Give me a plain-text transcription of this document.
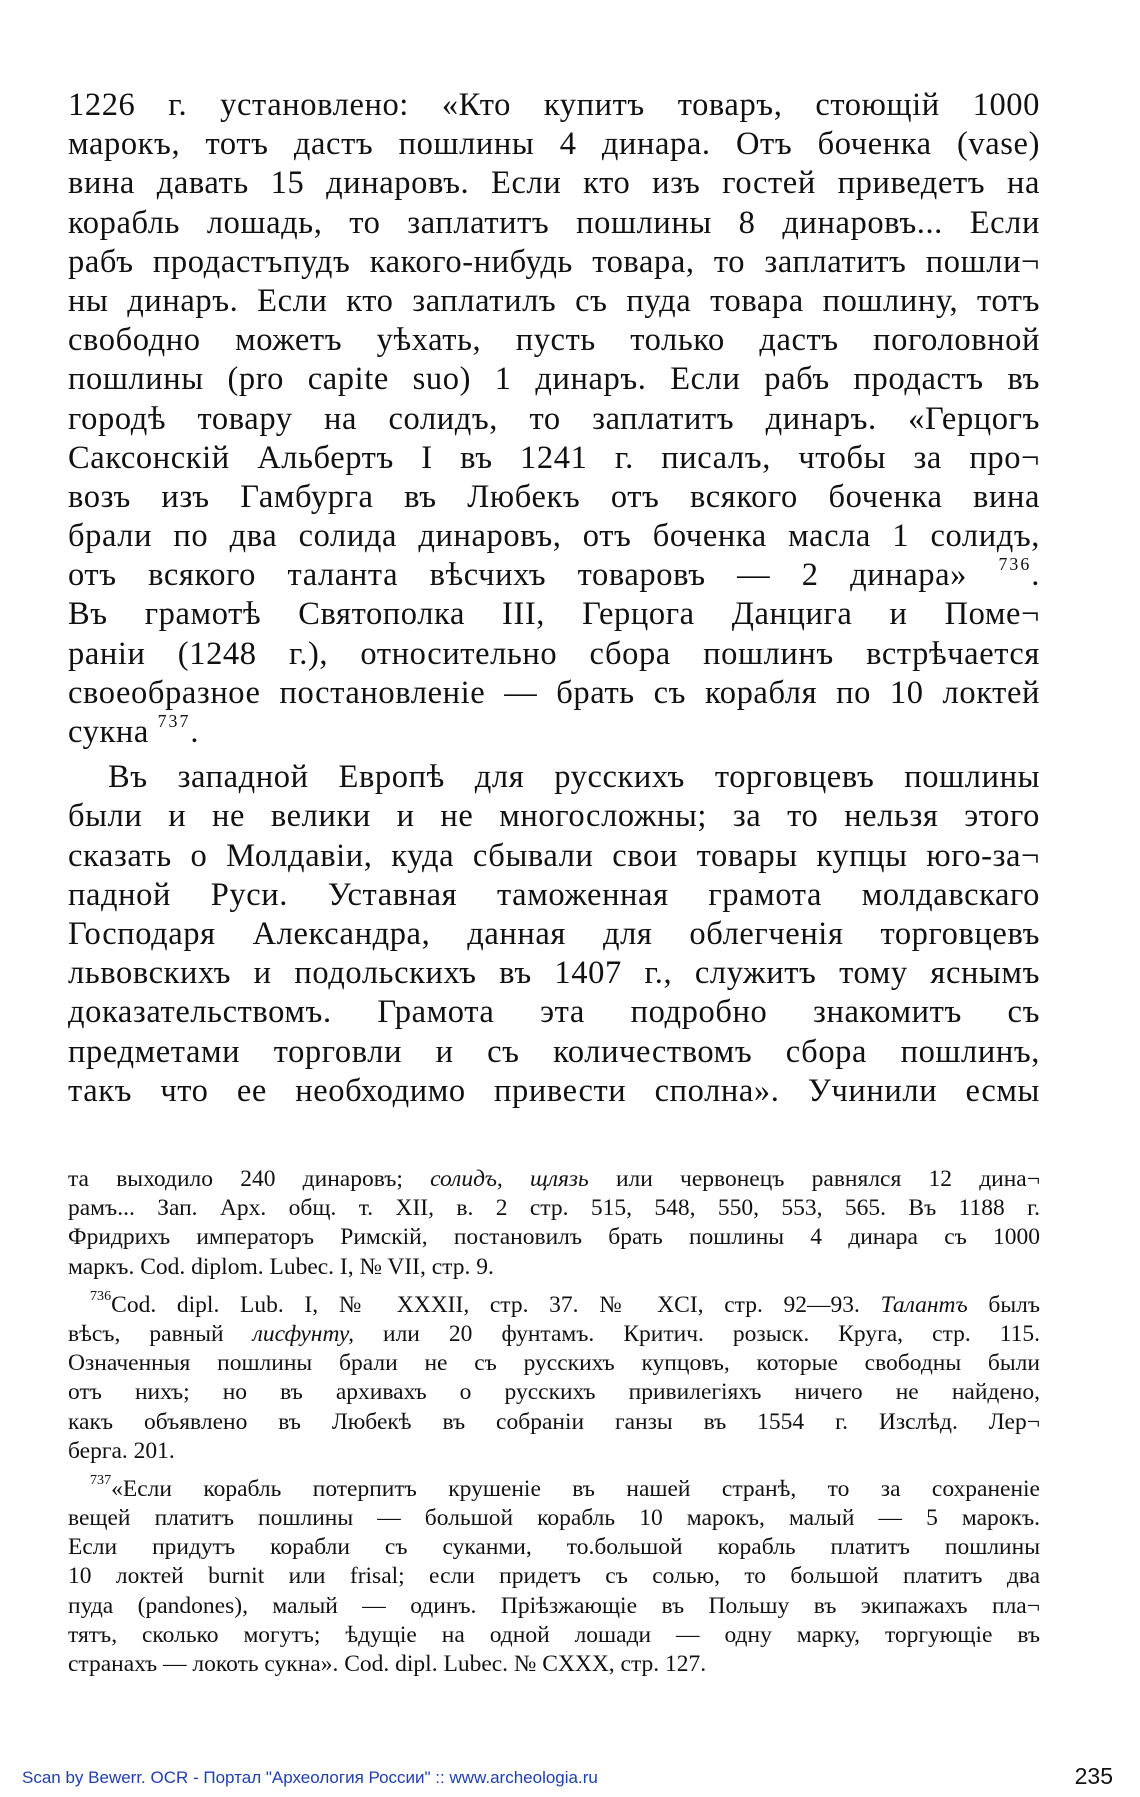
1226 г. установлено: «Кто купитъ товаръ, стоющій 1000
марокъ, тотъ дастъ пошлины 4 динара. Отъ боченка (vase)
вина давать 15 динаровъ. Если кто изъ гостей приведетъ на
корабль лошадь, то заплатитъ пошлины 8 динаровъ... Если
рабъ продастъпудъ какого-нибудь товара, то заплатитъ пошли¬
ны динаръ. Если кто заплатилъ съ пуда товара пошлину, тотъ
свободно можетъ уѣхать, пусть только дастъ поголовной
пошлины (pro capite suo) 1 динаръ. Если рабъ продастъ въ
городѣ товару на солидъ, то заплатитъ динаръ. «Герцогъ
Саксонскій Альбертъ I въ 1241 г. писалъ, чтобы за про¬
возъ изъ Гамбурга въ Любекъ отъ всякого боченка вина
брали по два солида динаровъ, отъ боченка масла 1 солидъ,
отъ всякого таланта вѣсчихъ товаровъ — 2 динара» $^{736}$.
Въ грамотѣ Святополка III, Герцога Данцига и Поме¬
раніи (1248 г.), относительно сбора пошлинъ встрѣчается
своеобразное постановленіе — брать съ корабля по 10 локтей
сукна $^{737}$.
Въ западной Европѣ для русскихъ торговцевъ пошлины
были и не велики и не многосложны; за то нельзя этого
сказать о Молдавіи, куда сбывали свои товары купцы юго-за¬
падной Руси. Уставная таможенная грамота молдавскаго
Господаря Александра, данная для облегченія торговцевъ
львовскихъ и подольскихъ въ 1407 г., служитъ тому яснымъ
доказательствомъ. Грамота эта подробно знакомитъ съ
предметами торговли и съ количествомъ сбора пошлинъ,
такъ что ее необходимо привести сполна». Учинили есмы
та выходило 240 динаровъ; солидъ, щлязь или червонецъ равнялся 12 дина¬
рамъ... Зап. Арх. общ. т. XII, в. 2 стр. 515, 548, 550, 553, 565. Въ 1188 г.
Фридрихъ императоръ Римскій, постановилъ брать пошлины 4 динара съ 1000
маркъ. Cod. diplom. Lubec. I, № VII, стр. 9.
$^{736}$Cod. dipl. Lub. I, № XXXII, стр. 37. № XCI, стр. 92—93. Талантъ былъ
вѣсъ, равный лисфунту, или 20 фунтамъ. Критич. розыск. Круга, стр. 115.
Означенныя пошлины брали не съ русскихъ купцовъ, которые свободны были
отъ нихъ; но въ архивахъ о русскихъ привилегіяхъ ничего не найдено,
какъ объявлено въ Любекѣ въ собраніи ганзы въ 1554 г. Изслѣд. Лер¬
берга. 201.
$^{737}$«Если корабль потерпитъ крушеніе въ нашей странѣ, то за сохраненіе
вещей платитъ пошлины — большой корабль 10 марокъ, малый — 5 марокъ.
Если придутъ корабли съ суканми, то.большой корабль платитъ пошлины
10 локтей burnit или frisal; если придетъ съ солью, то большой платитъ два
пуда (pandones), малый — одинъ. Пріѣзжающіе въ Польшу въ экипажахъ пла¬
тятъ, сколько могутъ; ѣдущіе на одной лошади — одну марку, торгующіе въ
странахъ — локоть сукна». Cod. dipl. Lubec. № CXXX, стр. 127.
Scan by Bewerr. OCR - Портал "Археология России" :: www.archeologia.ru	235
